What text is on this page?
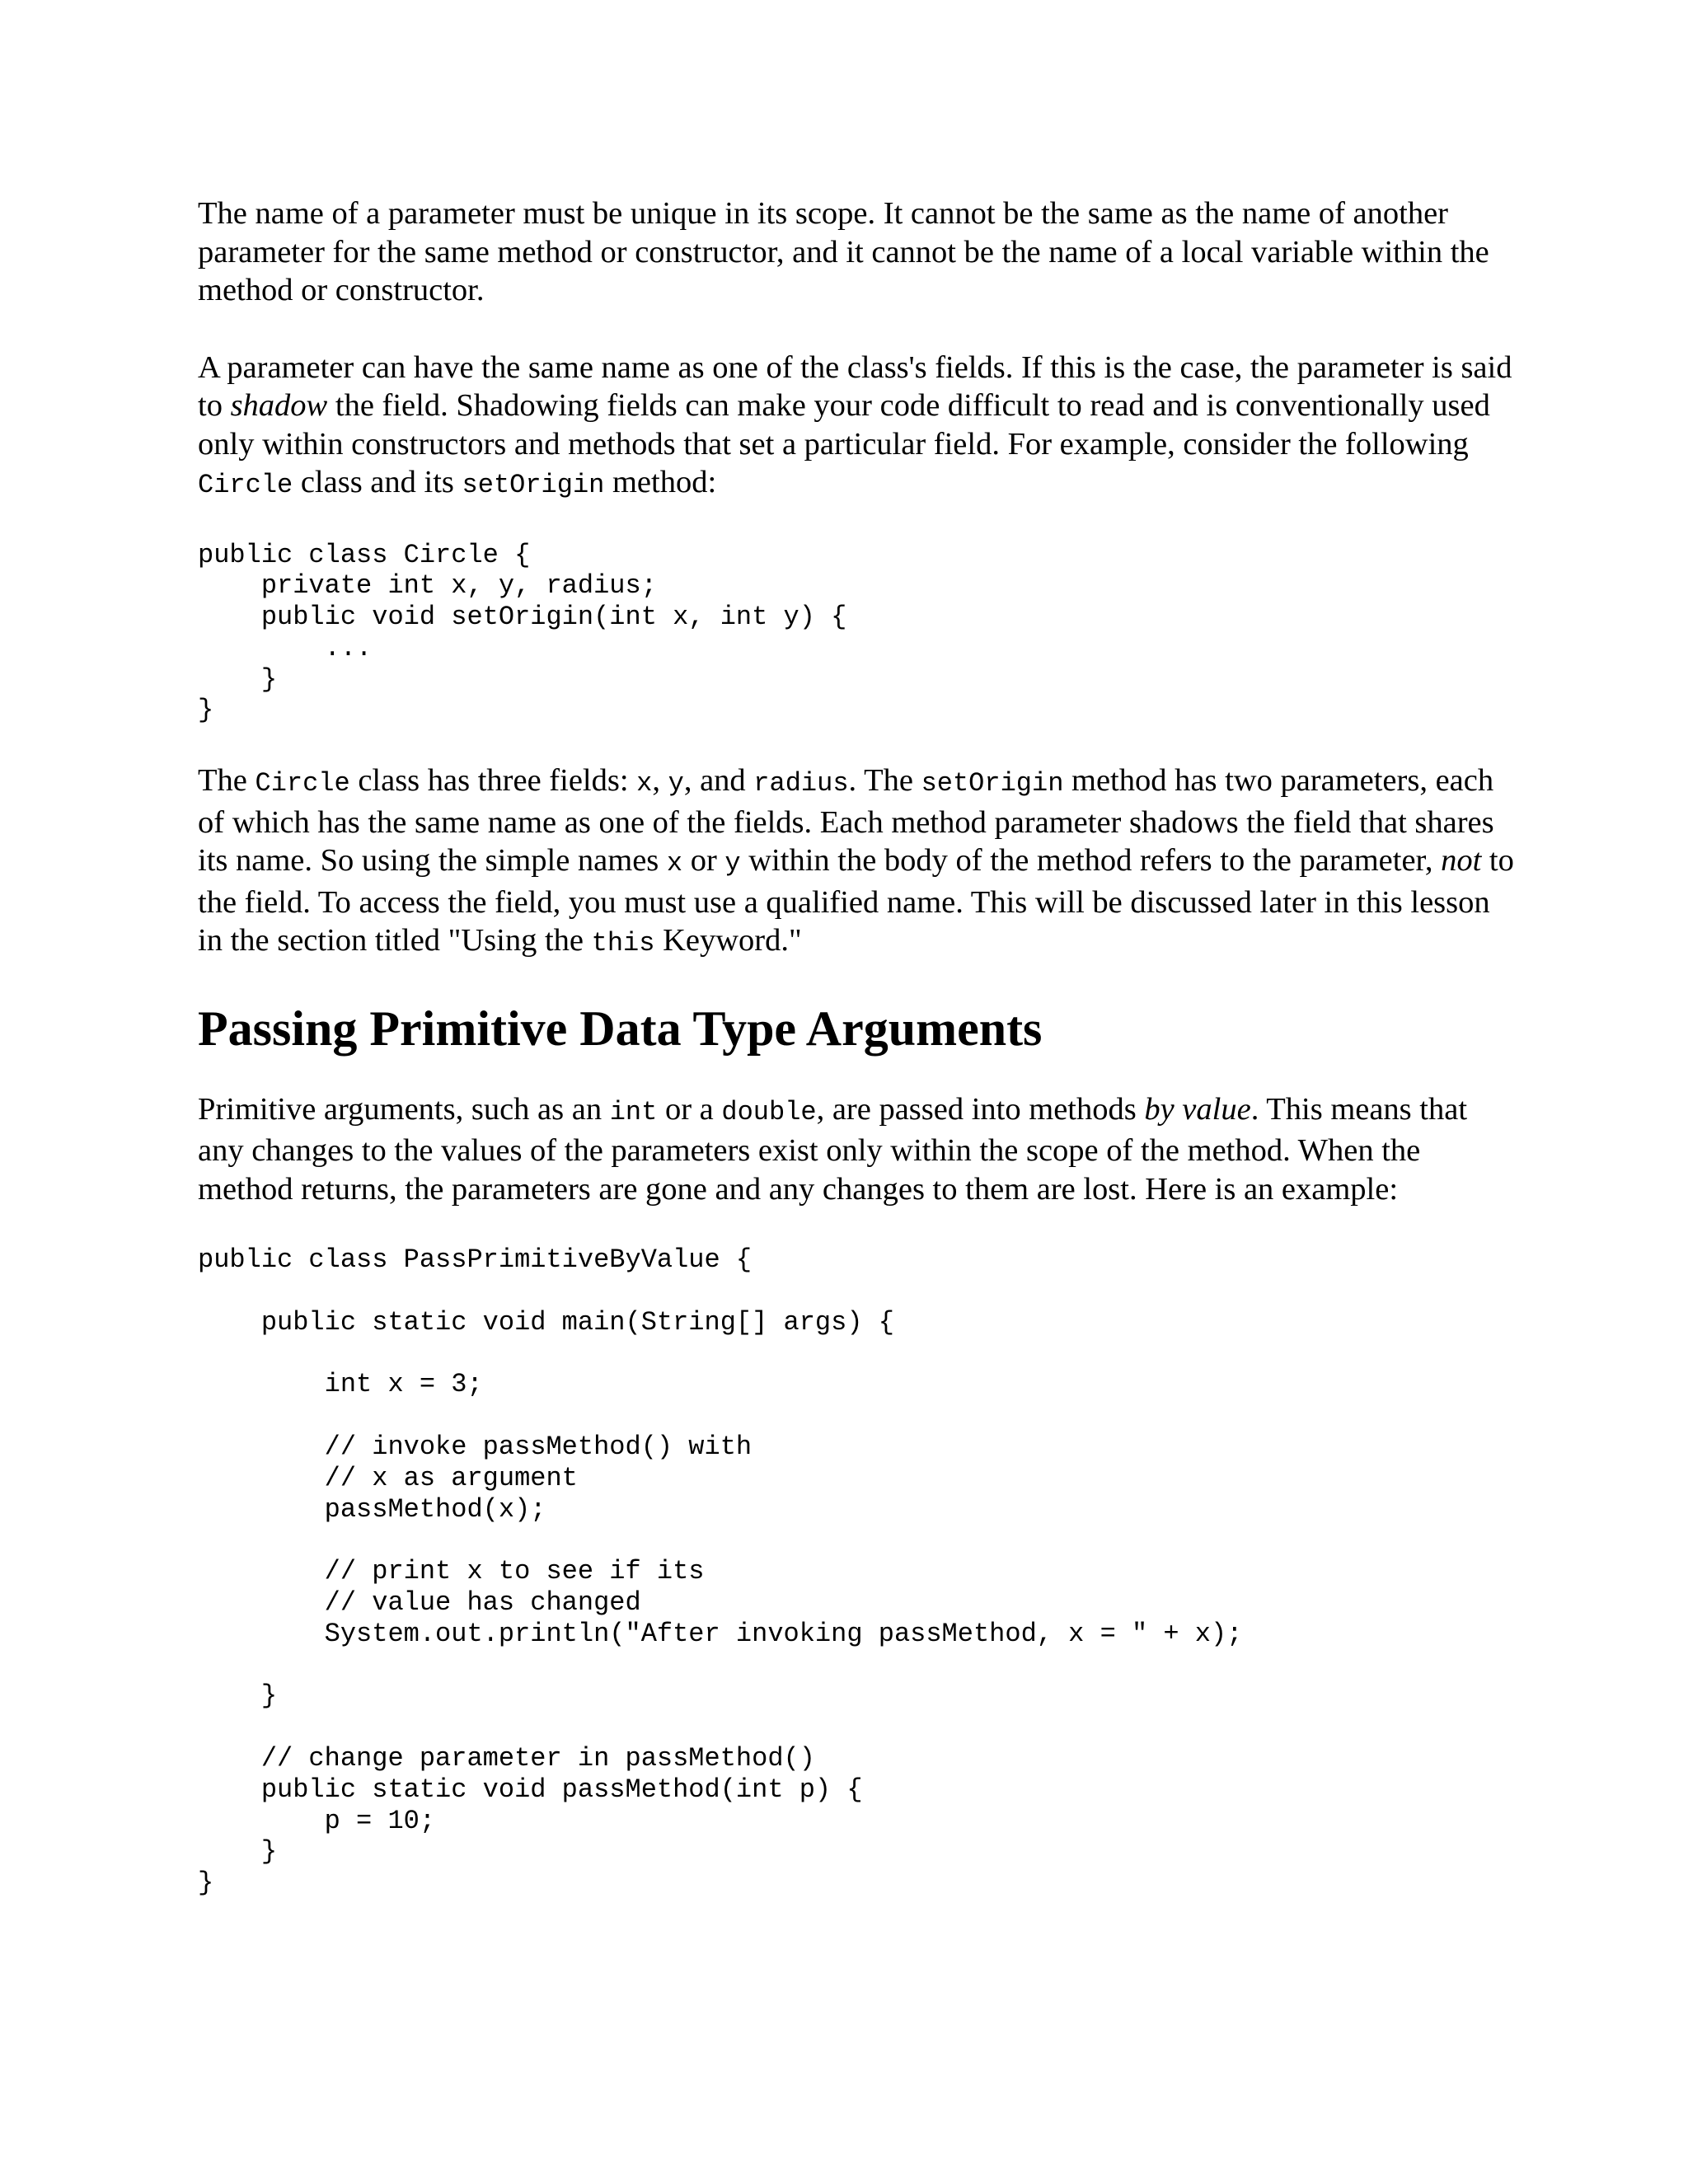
The name of a parameter must be unique in its scope. It cannot be the same as the name of another parameter for the same method or constructor, and it cannot be the name of a local variable within the method or constructor.

A parameter can have the same name as one of the class's fields. If this is the case, the parameter is said to shadow the field. Shadowing fields can make your code difficult to read and is conventionally used only within constructors and methods that set a particular field. For example, consider the following Circle class and its setOrigin method:

public class Circle {
private int x, y, radius;
public void setOrigin(int x, int y) {
...
}
}

The Circle class has three fields: x, y, and radius. The setOrigin method has two parameters, each of which has the same name as one of the fields. Each method parameter shadows the field that shares its name. So using the simple names x or y within the body of the method refers to the parameter, not to the field. To access the field, you must use a qualified name. This will be discussed later in this lesson in the section titled "Using the this Keyword."

Passing Primitive Data Type Arguments

Primitive arguments, such as an int or a double, are passed into methods by value. This means that any changes to the values of the parameters exist only within the scope of the method. When the method returns, the parameters are gone and any changes to them are lost. Here is an example:

public class PassPrimitiveByValue {

public static void main(String[] args) {

int x = 3;

// invoke passMethod() with
// x as argument
passMethod(x);

// print x to see if its
// value has changed
System.out.println("After invoking passMethod, x = " + x);

}

// change parameter in passMethod()
public static void passMethod(int p) {
p = 10;
}
}
